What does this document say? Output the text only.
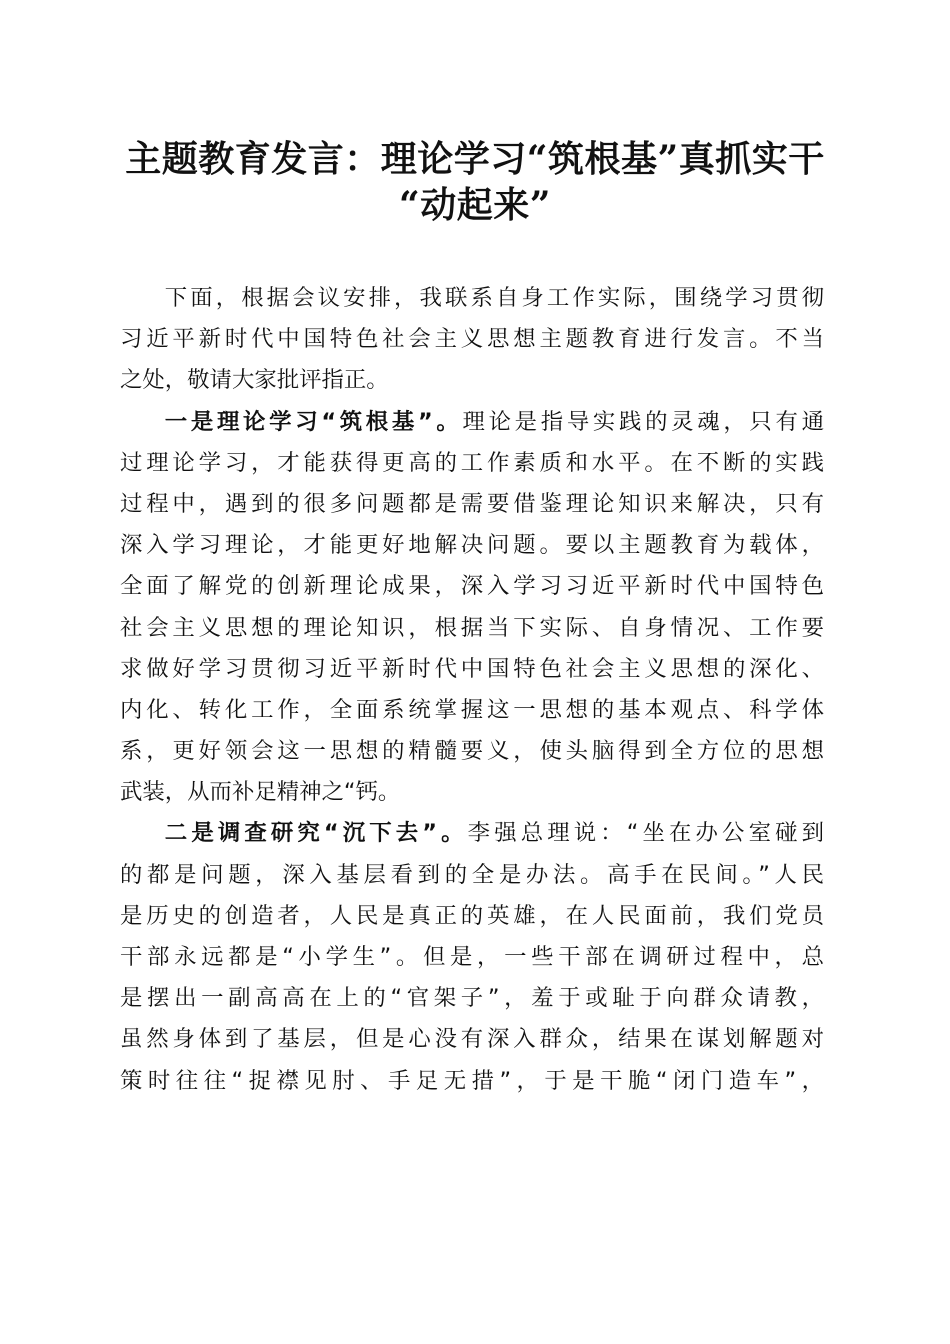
主题教育发言：理论学习“筑根基”真抓实干
“动起来”
下面，根据会议安排，我联系自身工作实际，围绕学习贯彻
习近平新时代中国特色社会主义思想主题教育进行发言。不当
之处，敬请大家批评指正。
一是理论学习“筑根基”。理论是指导实践的灵魂，只有通
过理论学习，才能获得更高的工作素质和水平。在不断的实践
过程中，遇到的很多问题都是需要借鉴理论知识来解决，只有
深入学习理论，才能更好地解决问题。要以主题教育为载体，
全面了解党的创新理论成果，深入学习习近平新时代中国特色
社会主义思想的理论知识，根据当下实际、自身情况、工作要
求做好学习贯彻习近平新时代中国特色社会主义思想的深化、
内化、转化工作，全面系统掌握这一思想的基本观点、科学体
系，更好领会这一思想的精髓要义，使头脑得到全方位的思想
武装，从而补足精神之“钙。
二是调查研究“沉下去”。李强总理说：“坐在办公室碰到
的都是问题，深入基层看到的全是办法。高手在民间。”人民
是历史的创造者，人民是真正的英雄，在人民面前，我们党员
干部永远都是“小学生”。但是，一些干部在调研过程中，总
是摆出一副高高在上的“官架子”，羞于或耻于向群众请教，
虽然身体到了基层，但是心没有深入群众，结果在谋划解题对
策时往往“捉襟见肘、手足无措”，于是干脆“闭门造车”，
